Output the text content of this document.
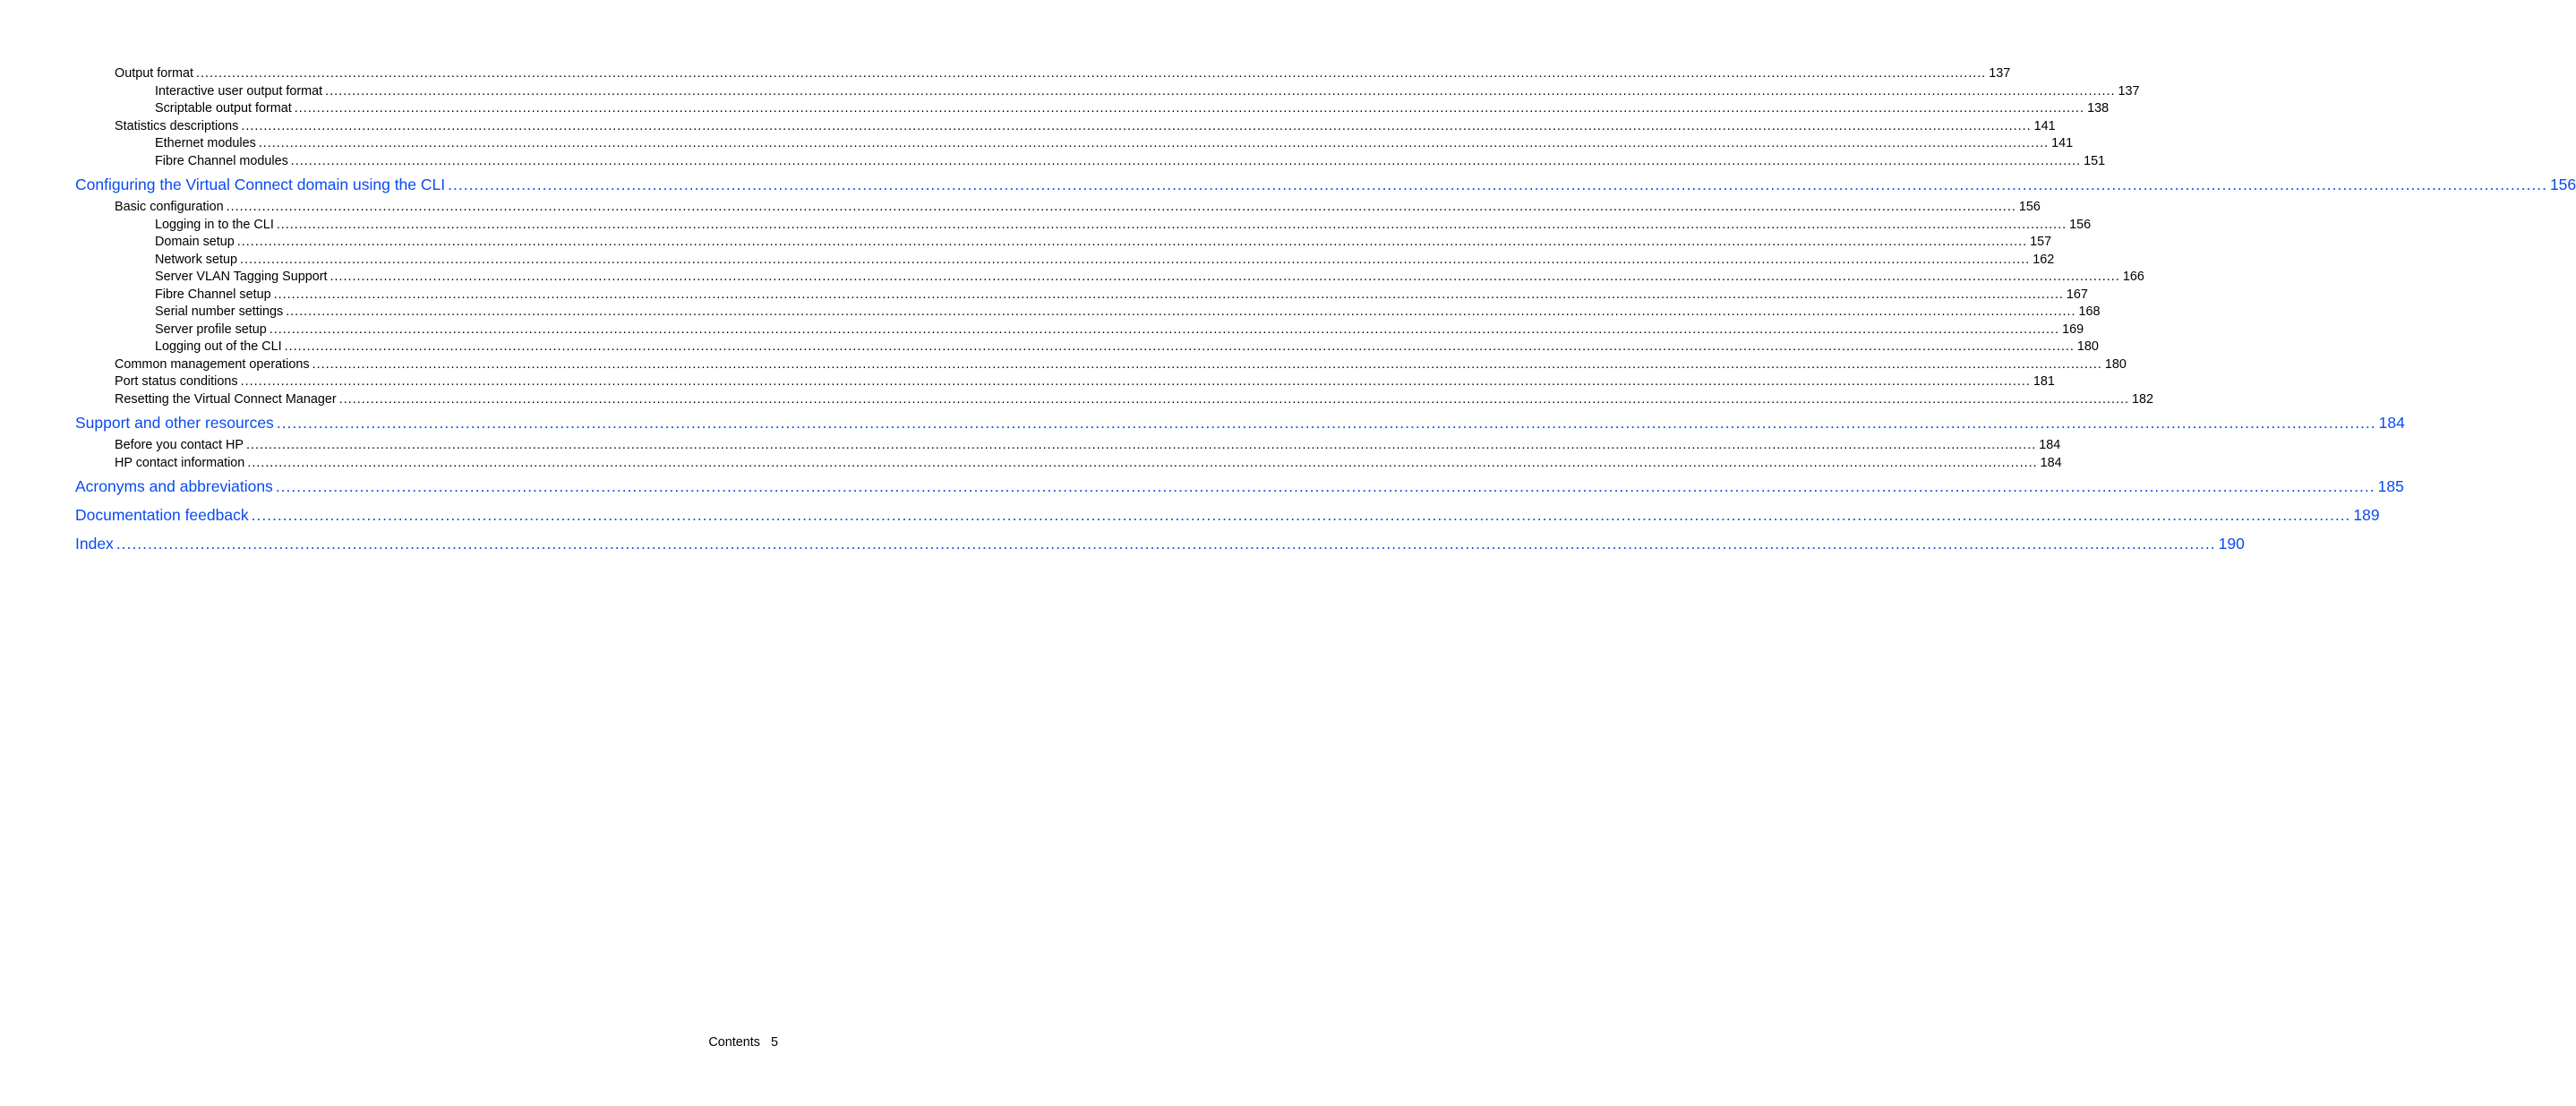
Output format ................................................................................................................................................................................................................................................................................................................................................................................................................ 137
Interactive user output format ................................................................................................................................................................................................................................................................................................................................................................................................................ 137
Scriptable output format ................................................................................................................................................................................................................................................................................................................................................................................................................ 138
Statistics descriptions ................................................................................................................................................................................................................................................................................................................................................................................................................ 141
Ethernet modules ................................................................................................................................................................................................................................................................................................................................................................................................................ 141
Fibre Channel modules ................................................................................................................................................................................................................................................................................................................................................................................................................ 151
Configuring the Virtual Connect domain using the CLI ................................................................................................................................................................................................................................................................................................................................................................................................................ 156
Basic configuration ................................................................................................................................................................................................................................................................................................................................................................................................................ 156
Logging in to the CLI ................................................................................................................................................................................................................................................................................................................................................................................................................ 156
Domain setup ................................................................................................................................................................................................................................................................................................................................................................................................................ 157
Network setup ................................................................................................................................................................................................................................................................................................................................................................................................................ 162
Server VLAN Tagging Support ................................................................................................................................................................................................................................................................................................................................................................................................................ 166
Fibre Channel setup ................................................................................................................................................................................................................................................................................................................................................................................................................ 167
Serial number settings ................................................................................................................................................................................................................................................................................................................................................................................................................ 168
Server profile setup ................................................................................................................................................................................................................................................................................................................................................................................................................ 169
Logging out of the CLI ................................................................................................................................................................................................................................................................................................................................................................................................................ 180
Common management operations ................................................................................................................................................................................................................................................................................................................................................................................................................ 180
Port status conditions ................................................................................................................................................................................................................................................................................................................................................................................................................ 181
Resetting the Virtual Connect Manager ................................................................................................................................................................................................................................................................................................................................................................................................................ 182
Support and other resources ................................................................................................................................................................................................................................................................................................................................................................................................................ 184
Before you contact HP ................................................................................................................................................................................................................................................................................................................................................................................................................ 184
HP contact information ................................................................................................................................................................................................................................................................................................................................................................................................................ 184
Acronyms and abbreviations ................................................................................................................................................................................................................................................................................................................................................................................................................ 185
Documentation feedback ................................................................................................................................................................................................................................................................................................................................................................................................................ 189
Index ................................................................................................................................................................................................................................................................................................................................................................................................................ 190
Contents 5
